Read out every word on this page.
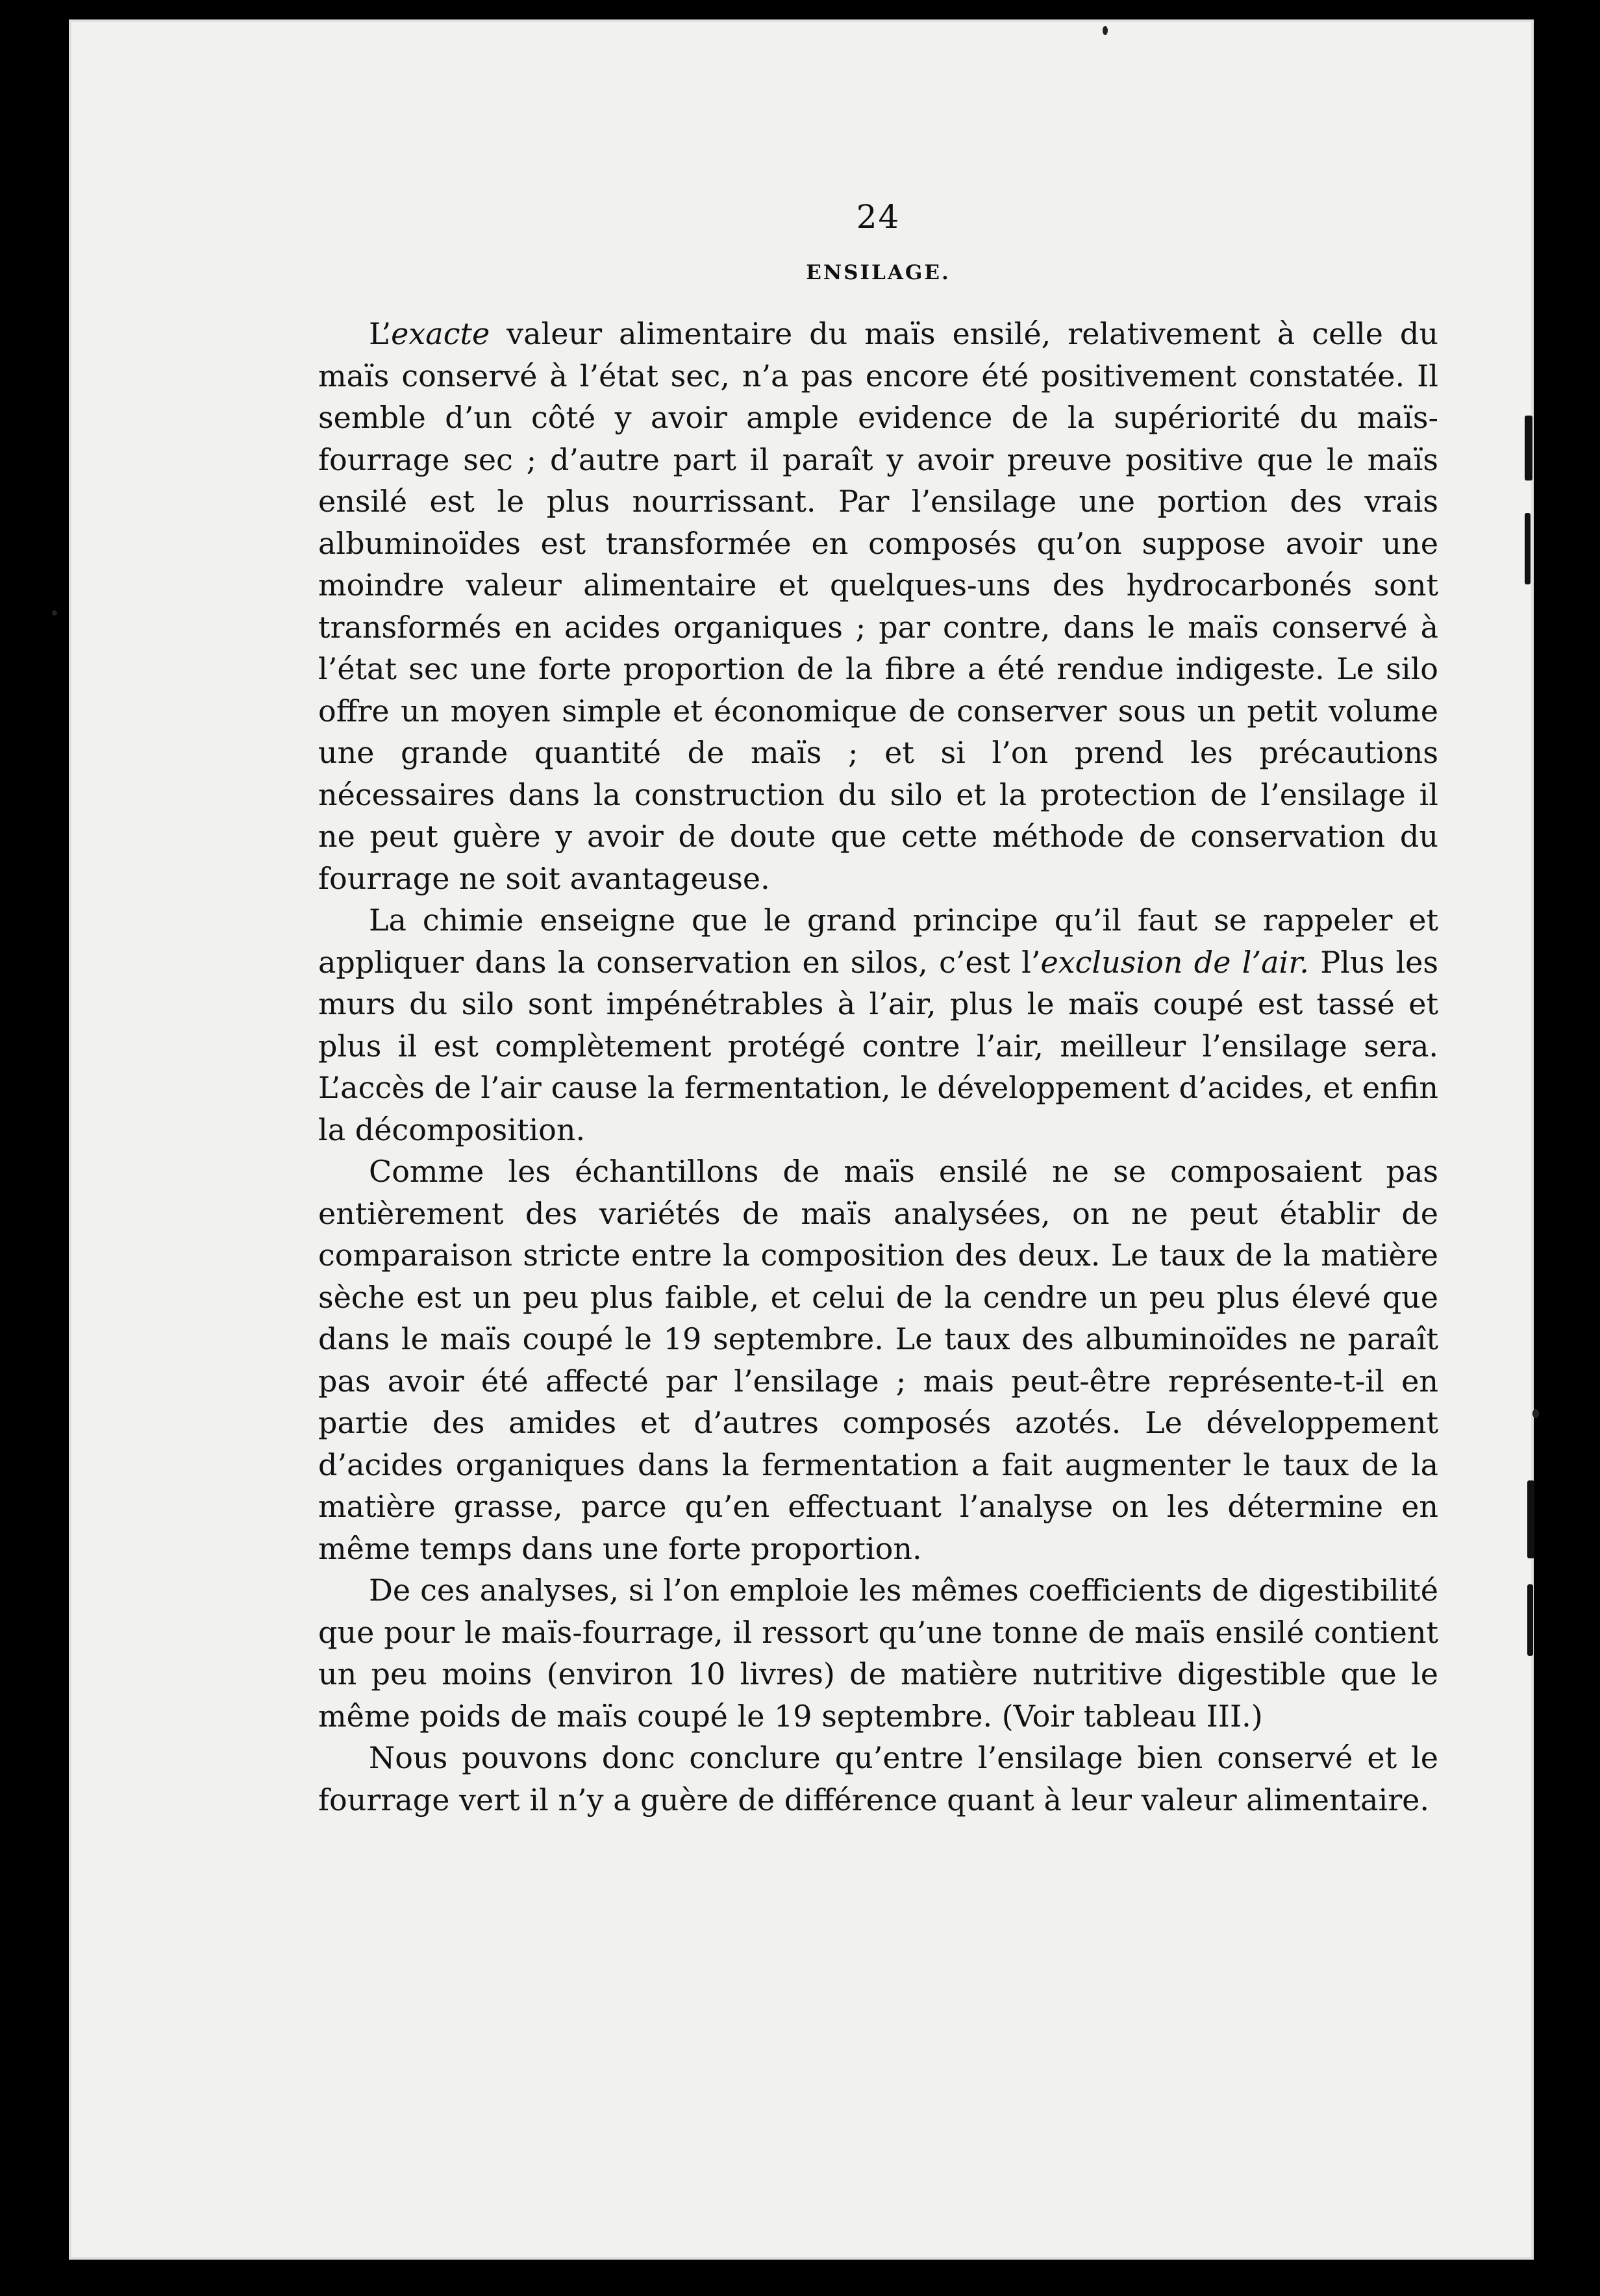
24
ENSILAGE.

L’exacte valeur alimentaire du maïs ensilé, relativement à celle du maïs conservé à l’état sec, n’a pas encore été positivement constatée. Il semble d’un côté y avoir ample evidence de la supériorité du maïs-fourrage sec ; d’autre part il paraît y avoir preuve positive que le maïs ensilé est le plus nourrissant. Par l’ensilage une portion des vrais albuminoïdes est transformée en composés qu’on suppose avoir une moindre valeur alimentaire et quelques-uns des hydrocarbonés sont transformés en acides organiques ; par contre, dans le maïs conservé à l’état sec une forte proportion de la fibre a été rendue indigeste. Le silo offre un moyen simple et économique de conserver sous un petit volume une grande quantité de maïs ; et si l’on prend les précautions nécessaires dans la construction du silo et la protection de l’ensilage il ne peut guère y avoir de doute que cette méthode de conservation du fourrage ne soit avantageuse.

La chimie enseigne que le grand principe qu’il faut se rappeler et appliquer dans la conservation en silos, c’est l’exclusion de l’air. Plus les murs du silo sont impénétrables à l’air, plus le maïs coupé est tassé et plus il est complètement protégé contre l’air, meilleur l’ensilage sera. L’accès de l’air cause la fermentation, le développement d’acides, et enfin la décomposition.

Comme les échantillons de maïs ensilé ne se composaient pas entièrement des variétés de maïs analysées, on ne peut établir de comparaison stricte entre la composition des deux. Le taux de la matière sèche est un peu plus faible, et celui de la cendre un peu plus élevé que dans le maïs coupé le 19 septembre. Le taux des albuminoïdes ne paraît pas avoir été affecté par l’ensilage ; mais peut-être représente-t-il en partie des amides et d’autres composés azotés. Le développement d’acides organiques dans la fermentation a fait augmenter le taux de la matière grasse, parce qu’en effectuant l’analyse on les détermine en même temps dans une forte proportion.

De ces analyses, si l’on emploie les mêmes coefficients de digestibilité que pour le maïs-fourrage, il ressort qu’une tonne de maïs ensilé contient un peu moins (environ 10 livres) de matière nutritive digestible que le même poids de maïs coupé le 19 septembre. (Voir tableau III.)

Nous pouvons donc conclure qu’entre l’ensilage bien conservé et le fourrage vert il n’y a guère de différence quant à leur valeur alimentaire.
